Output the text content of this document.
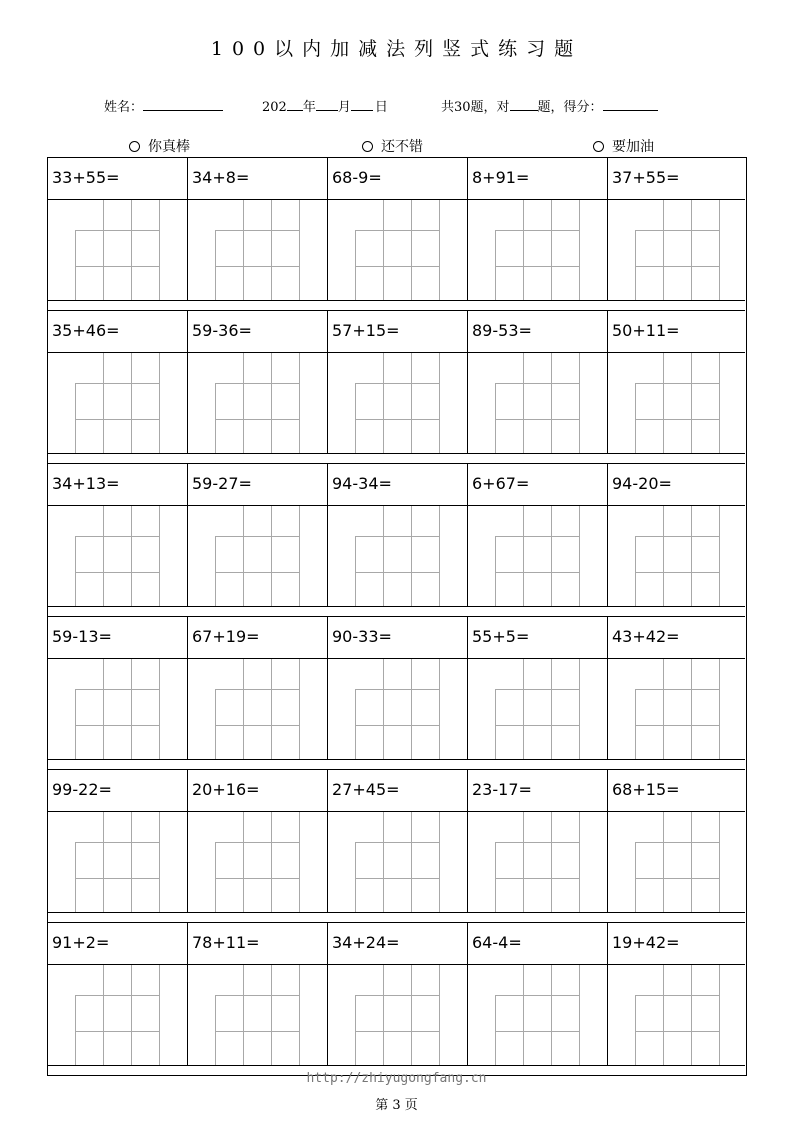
100以内加减法列竖式练习题
姓名：	202 年 月 日	共30题，对 题，得分：
你真棒	还不错	要加油
33+55=	34+8=	68-9=	8+91=	37+55=
35+46=	59-36=	57+15=	89-53=	50+11=
34+13=	59-27=	94-34=	6+67=	94-20=
59-13=	67+19=	90-33=	55+5=	43+42=
99-22=	20+16=	27+45=	23-17=	68+15=
91+2=	78+11=	34+24=	64-4=	19+42=
http://zhiyugongfang.cn
第 3 页
